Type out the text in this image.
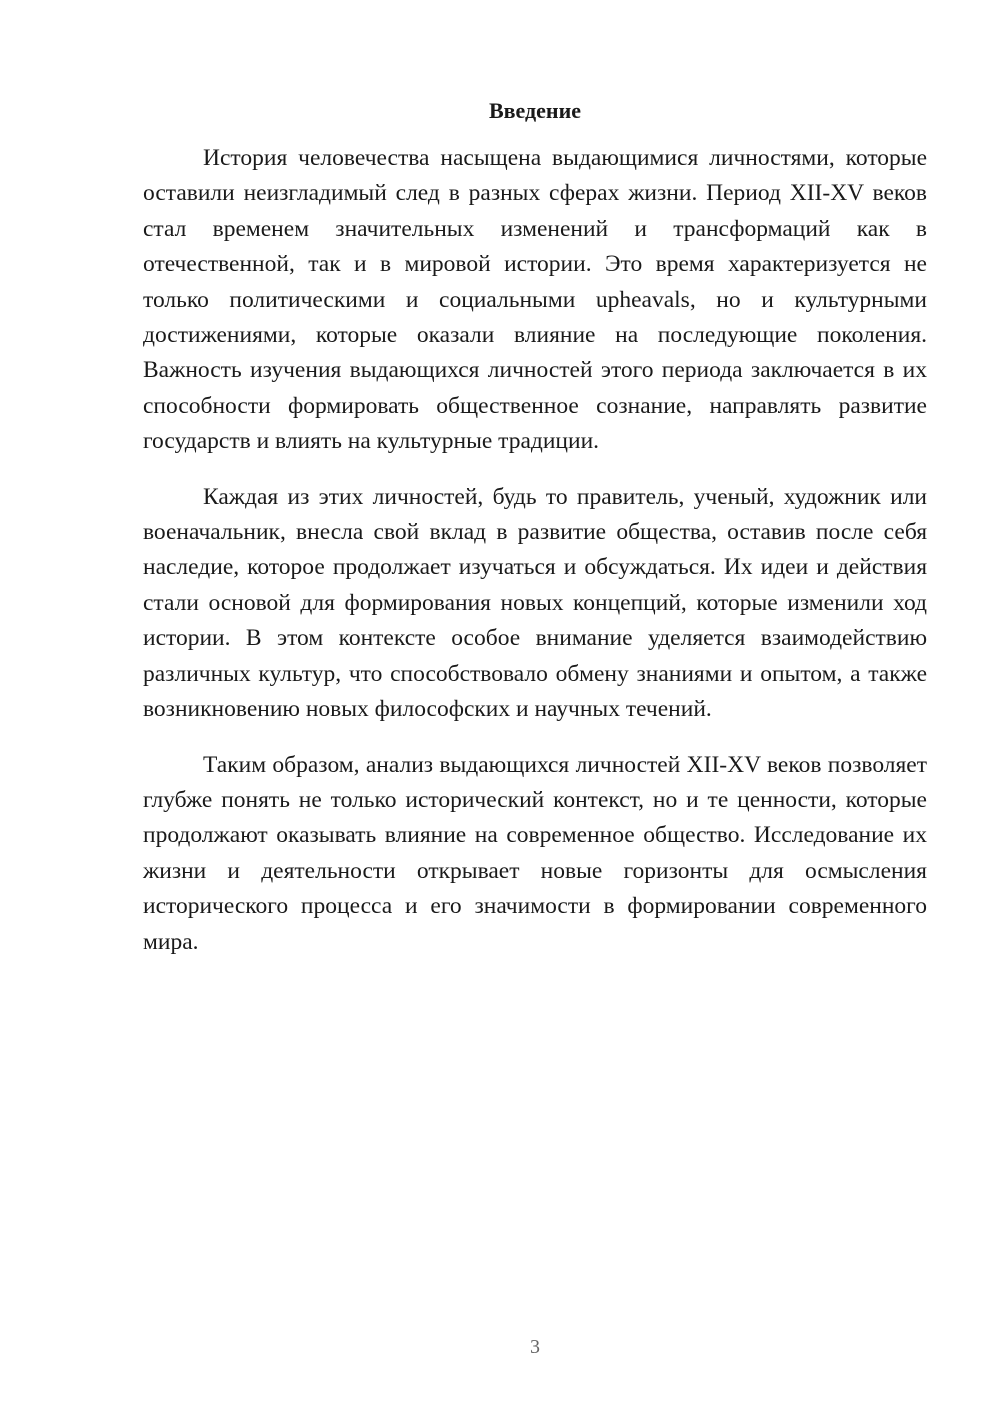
Введение

История человечества насыщена выдающимися личностями, которые оставили неизгладимый след в разных сферах жизни. Период XII-XV веков стал временем значительных изменений и трансформаций как в отечественной, так и в мировой истории. Это время характеризуется не только политическими и социальными upheavals, но и культурными достижениями, которые оказали влияние на последующие поколения. Важность изучения выдающихся личностей этого периода заключается в их способности формировать общественное сознание, направлять развитие государств и влиять на культурные традиции.

Каждая из этих личностей, будь то правитель, ученый, художник или военачальник, внесла свой вклад в развитие общества, оставив после себя наследие, которое продолжает изучаться и обсуждаться. Их идеи и действия стали основой для формирования новых концепций, которые изменили ход истории. В этом контексте особое внимание уделяется взаимодействию различных культур, что способствовало обмену знаниями и опытом, а также возникновению новых философских и научных течений.

Таким образом, анализ выдающихся личностей XII-XV веков позволяет глубже понять не только исторический контекст, но и те ценности, которые продолжают оказывать влияние на современное общество. Исследование их жизни и деятельности открывает новые горизонты для осмысления исторического процесса и его значимости в формировании современного мира.

3
